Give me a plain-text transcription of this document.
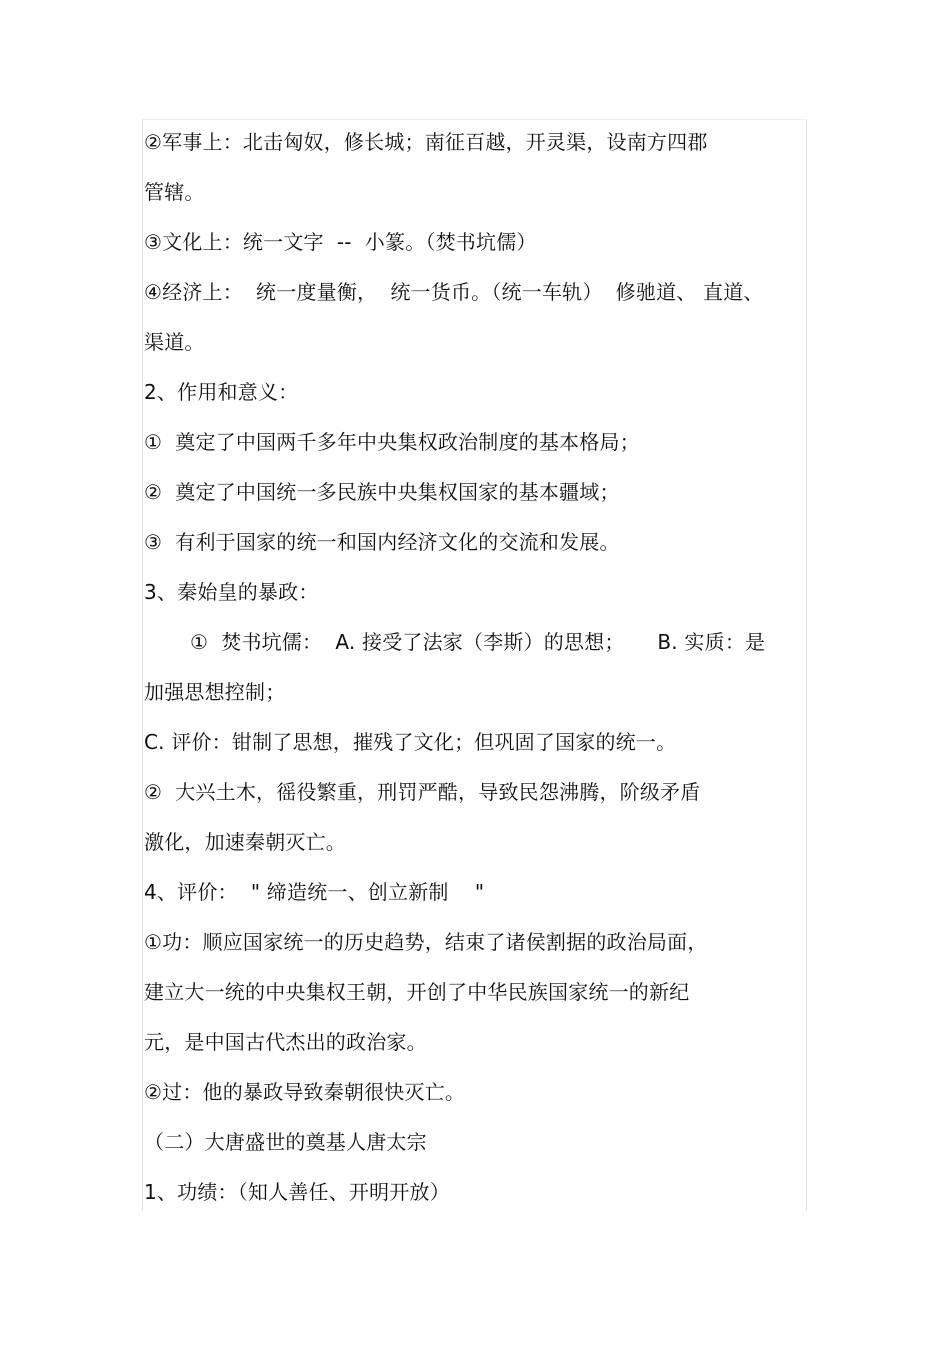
②军事上：北击匈奴，修长城；南征百越，开灵渠，设南方四郡
管辖。
③文化上：统一文字  --  小篆。（焚书坑儒）
④经济上：  统一度量衡，  统一货币。（统一车轨）  修驰道、 直道、
渠道。
2、作用和意义：
①  奠定了中国两千多年中央集权政治制度的基本格局；
②  奠定了中国统一多民族中央集权国家的基本疆域；
③  有利于国家的统一和国内经济文化的交流和发展。
3、秦始皇的暴政：
①  焚书坑儒：  A. 接受了法家（李斯）的思想；     B. 实质：是
加强思想控制；
C. 评价：钳制了思想，摧残了文化；但巩固了国家的统一。
②  大兴土木，徭役繁重，刑罚严酷，导致民怨沸腾，阶级矛盾
激化，加速秦朝灭亡。
4、评价：  " 缔造统一、创立新制    "
①功：顺应国家统一的历史趋势，结束了诸侯割据的政治局面，
建立大一统的中央集权王朝，开创了中华民族国家统一的新纪
元，是中国古代杰出的政治家。
②过：他的暴政导致秦朝很快灭亡。
（二）大唐盛世的奠基人唐太宗
1、功绩：（知人善任、开明开放）
